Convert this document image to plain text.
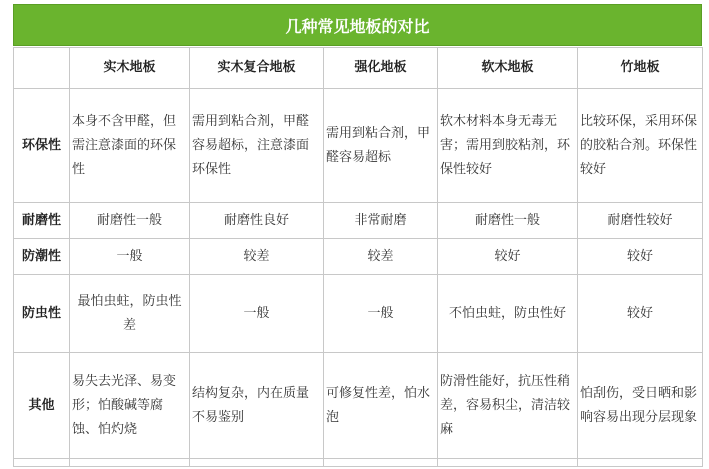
几种常见地板的对比
	实木地板	实木复合地板	强化地板	软木地板	竹地板
环保性	本身不含甲醛，但需注意漆面的环保性	需用到粘合剂，甲醛容易超标，注意漆面环保性	需用到粘合剂，甲醛容易超标	软木材料本身无毒无害；需用到胶粘剂，环保性较好	比较环保，采用环保的胶粘合剂。环保性较好
耐磨性	耐磨性一般	耐磨性良好	非常耐磨	耐磨性一般	耐磨性较好
防潮性	一般	较差	较差	较好	较好
防虫性	最怕虫蛀，防虫性差	一般	一般	不怕虫蛀，防虫性好	较好
其他	易失去光泽、易变形；怕酸碱等腐蚀、怕灼烧	结构复杂，内在质量不易鉴别	可修复性差，怕水泡	防滑性能好，抗压性稍差，容易积尘，清洁较麻	怕刮伤，受日晒和影响容易出现分层现象
